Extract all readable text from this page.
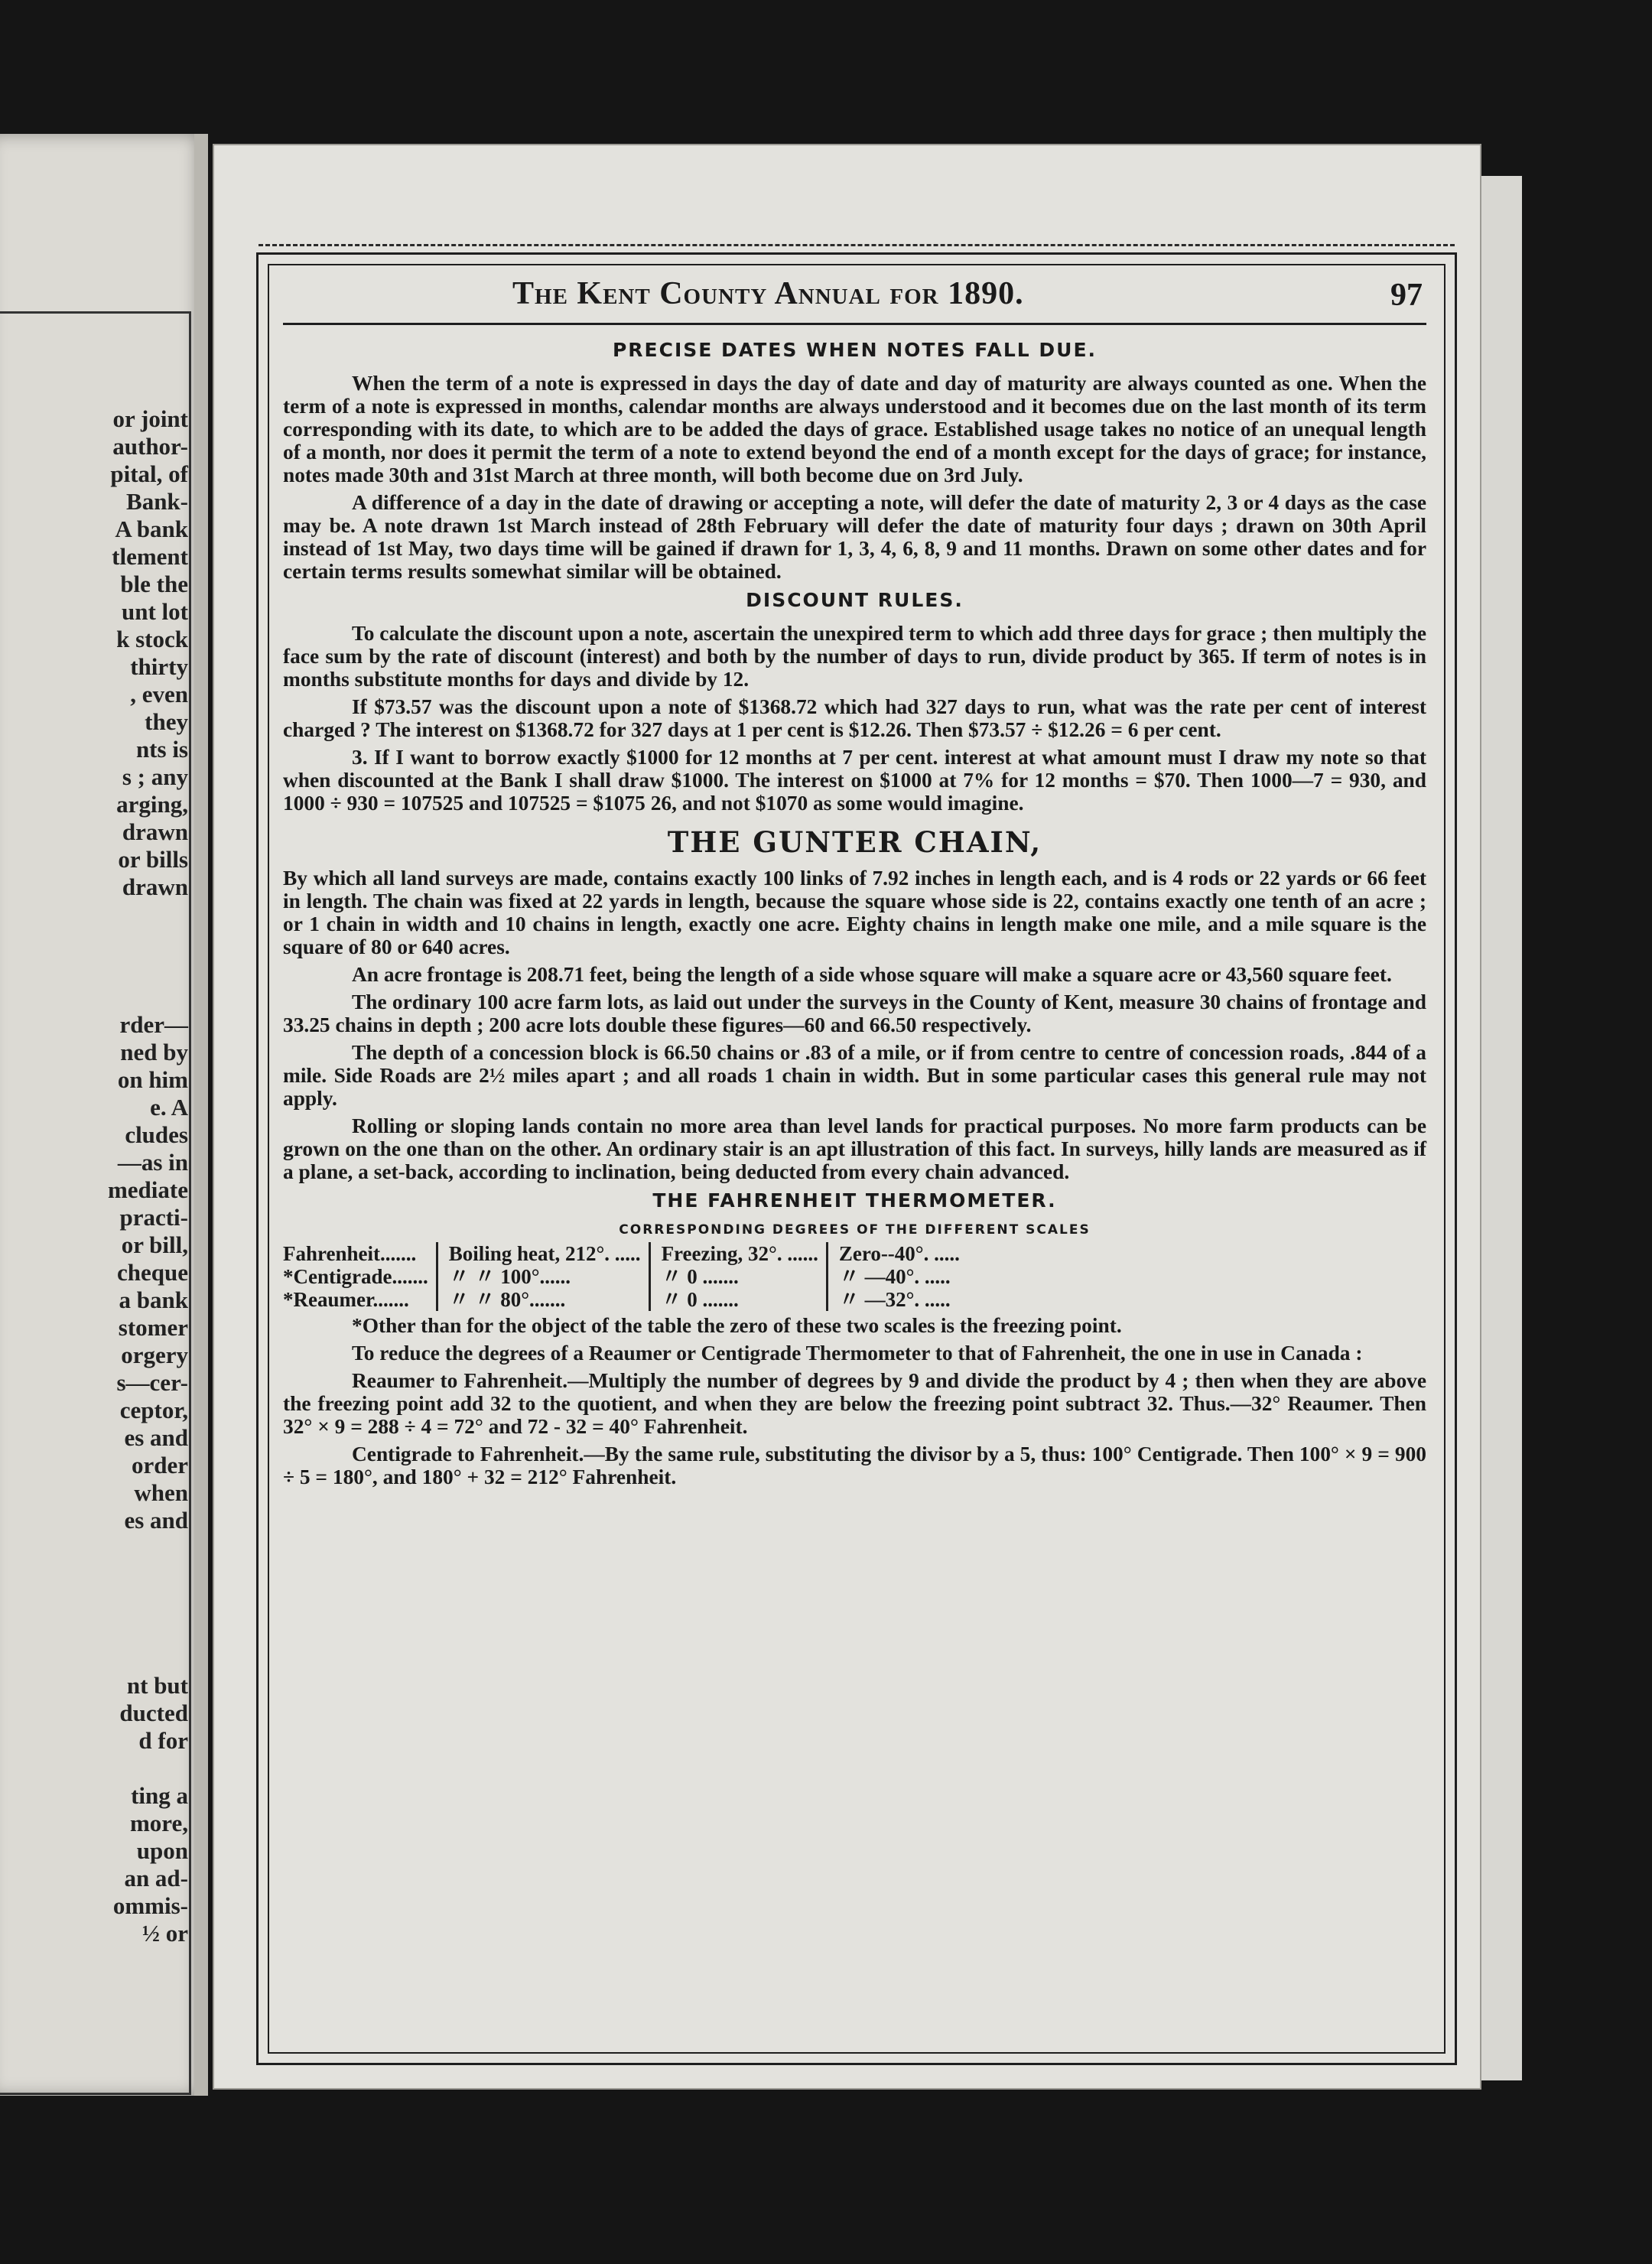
or joint
author-
pital, of
Bank-
A bank
tlement
ble the
unt lot
k stock
thirty
, even
they
nts is
s ; any
arging,
drawn
or bills
drawn
rder—
ned by
on him
e. A
cludes
—as in
mediate
practi-
or bill,
cheque
a bank
stomer
orgery
s—cer-
ceptor,
es and
order
when
es and
nt but
ducted
d for
ting a
more,
upon
an ad-
ommis-
½ or
The Kent County Annual for 1890.	97
PRECISE DATES WHEN NOTES FALL DUE.

When the term of a note is expressed in days the day of date and day of maturity are always counted as one. When the term of a note is expressed in months, calendar months are always understood and it becomes due on the last month of its term corresponding with its date, to which are to be added the days of grace. Established usage takes no notice of an unequal length of a month, nor does it permit the term of a note to extend beyond the end of a month except for the days of grace; for instance, notes made 30th and 31st March at three month, will both become due on 3rd July.

A difference of a day in the date of drawing or accepting a note, will defer the date of maturity 2, 3 or 4 days as the case may be. A note drawn 1st March instead of 28th February will defer the date of maturity four days ; drawn on 30th April instead of 1st May, two days time will be gained if drawn for 1, 3, 4, 6, 8, 9 and 11 months. Drawn on some other dates and for certain terms results somewhat similar will be obtained.

DISCOUNT RULES.

To calculate the discount upon a note, ascertain the unexpired term to which add three days for grace ; then multiply the face sum by the rate of discount (interest) and both by the number of days to run, divide product by 365. If term of notes is in months substitute months for days and divide by 12.

If $73.57 was the discount upon a note of $1368.72 which had 327 days to run, what was the rate per cent of interest charged ? The interest on $1368.72 for 327 days at 1 per cent is $12.26. Then $73.57 ÷ $12.26 = 6 per cent.

3. If I want to borrow exactly $1000 for 12 months at 7 per cent. interest at what amount must I draw my note so that when discounted at the Bank I shall draw $1000. The interest on $1000 at 7% for 12 months = $70. Then 1000—7 = 930, and 1000 ÷ 930 = 107525 and 107525 = $1075 26, and not $1070 as some would imagine.

THE GUNTER CHAIN,

By which all land surveys are made, contains exactly 100 links of 7.92 inches in length each, and is 4 rods or 22 yards or 66 feet in length. The chain was fixed at 22 yards in length, because the square whose side is 22, contains exactly one tenth of an acre ; or 1 chain in width and 10 chains in length, exactly one acre. Eighty chains in length make one mile, and a mile square is the square of 80 or 640 acres.

An acre frontage is 208.71 feet, being the length of a side whose square will make a square acre or 43,560 square feet.

The ordinary 100 acre farm lots, as laid out under the surveys in the County of Kent, measure 30 chains of frontage and 33.25 chains in depth ; 200 acre lots double these figures—60 and 66.50 respectively.

The depth of a concession block is 66.50 chains or .83 of a mile, or if from centre to centre of concession roads, .844 of a mile. Side Roads are 2½ miles apart ; and all roads 1 chain in width. But in some particular cases this general rule may not apply.

Rolling or sloping lands contain no more area than level lands for practical purposes. No more farm products can be grown on the one than on the other. An ordinary stair is an apt illustration of this fact. In surveys, hilly lands are measured as if a plane, a set-back, according to inclination, being deducted from every chain advanced.

THE FAHRENHEIT THERMOMETER.
CORRESPONDING DEGREES OF THE DIFFERENT SCALES
Fahrenheit.......	Boiling heat, 212°. .....	Freezing, 32°. ......	Zero--40°. .....
*Centigrade.......	〃 〃 100°......	〃 0 .......	〃 —40°. .....
*Reaumer.......	〃 〃 80°.......	〃 0 .......	〃 —32°. .....

*Other than for the object of the table the zero of these two scales is the freezing point.

To reduce the degrees of a Reaumer or Centigrade Thermometer to that of Fahrenheit, the one in use in Canada :

Reaumer to Fahrenheit.—Multiply the number of degrees by 9 and divide the product by 4 ; then when they are above the freezing point add 32 to the quotient, and when they are below the freezing point subtract 32. Thus.—32° Reaumer. Then 32° × 9 = 288 ÷ 4 = 72° and 72 - 32 = 40° Fahrenheit.

Centigrade to Fahrenheit.—By the same rule, substituting the divisor by a 5, thus: 100° Centigrade. Then 100° × 9 = 900 ÷ 5 = 180°, and 180° + 32 = 212° Fahrenheit.
